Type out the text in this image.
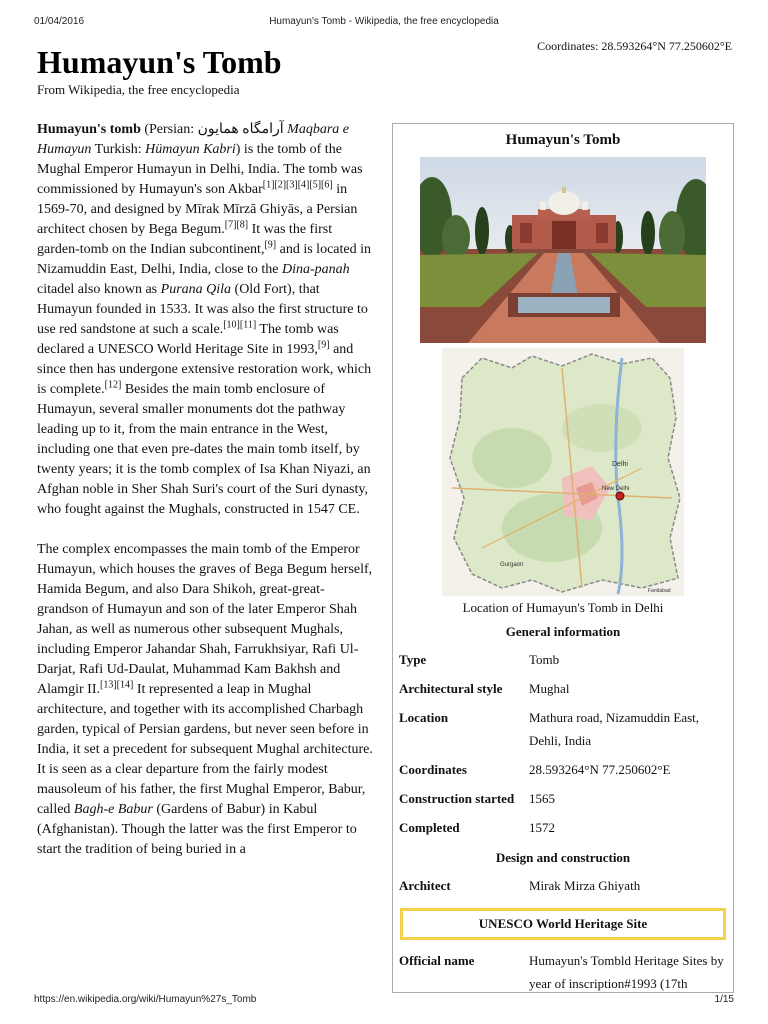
01/04/2016	Humayun's Tomb - Wikipedia, the free encyclopedia
Coordinates: 28.593264°N 77.250602°E
Humayun's Tomb
From Wikipedia, the free encyclopedia

Humayun's tomb (Persian: آرامگاه همایون Maqbara e Humayun Turkish: Hümayun Kabri) is the tomb of the Mughal Emperor Humayun in Delhi, India. The tomb was commissioned by Humayun's son Akbar[1][2][3][4][5][6] in 1569-70, and designed by Mīrak Mīrzā Ghiyās, a Persian architect chosen by Bega Begum.[7][8] It was the first garden-tomb on the Indian subcontinent,[9] and is located in Nizamuddin East, Delhi, India, close to the Dina-panah citadel also known as Purana Qila (Old Fort), that Humayun founded in 1533. It was also the first structure to use red sandstone at such a scale.[10][11] The tomb was declared a UNESCO World Heritage Site in 1993,[9] and since then has undergone extensive restoration work, which is complete.[12] Besides the main tomb enclosure of Humayun, several smaller monuments dot the pathway leading up to it, from the main entrance in the West, including one that even pre-dates the main tomb itself, by twenty years; it is the tomb complex of Isa Khan Niyazi, an Afghan noble in Sher Shah Suri's court of the Suri dynasty, who fought against the Mughals, constructed in 1547 CE.

The complex encompasses the main tomb of the Emperor Humayun, which houses the graves of Bega Begum herself, Hamida Begum, and also Dara Shikoh, great-great-grandson of Humayun and son of the later Emperor Shah Jahan, as well as numerous other subsequent Mughals, including Emperor Jahandar Shah, Farrukhsiyar, Rafi Ul-Darjat, Rafi Ud-Daulat, Muhammad Kam Bakhsh and Alamgir II.[13][14] It represented a leap in Mughal architecture, and together with its accomplished Charbagh garden, typical of Persian gardens, but never seen before in India, it set a precedent for subsequent Mughal architecture. It is seen as a clear departure from the fairly modest mausoleum of his father, the first Mughal Emperor, Babur, called Bagh-e Babur (Gardens of Babur) in Kabul (Afghanistan). Though the latter was the first Emperor to start the tradition of being buried in a

Humayun's Tomb
Delhi
New Delhi
Gurgaon
Faridabad
Location of Humayun's Tomb in Delhi
General information
Type	Tomb
Architectural style	Mughal
Location	Mathura road, Nizamuddin East, Dehli, India
Coordinates	28.593264°N 77.250602°E
Construction started	1565
Completed	1572
Design and construction
Architect	Mirak Mirza Ghiyath
UNESCO World Heritage Site
Official name	Humayun's Tombld Heritage Sites by year of inscription#1993 (17th
https://en.wikipedia.org/wiki/Humayun%27s_Tomb	1/15
